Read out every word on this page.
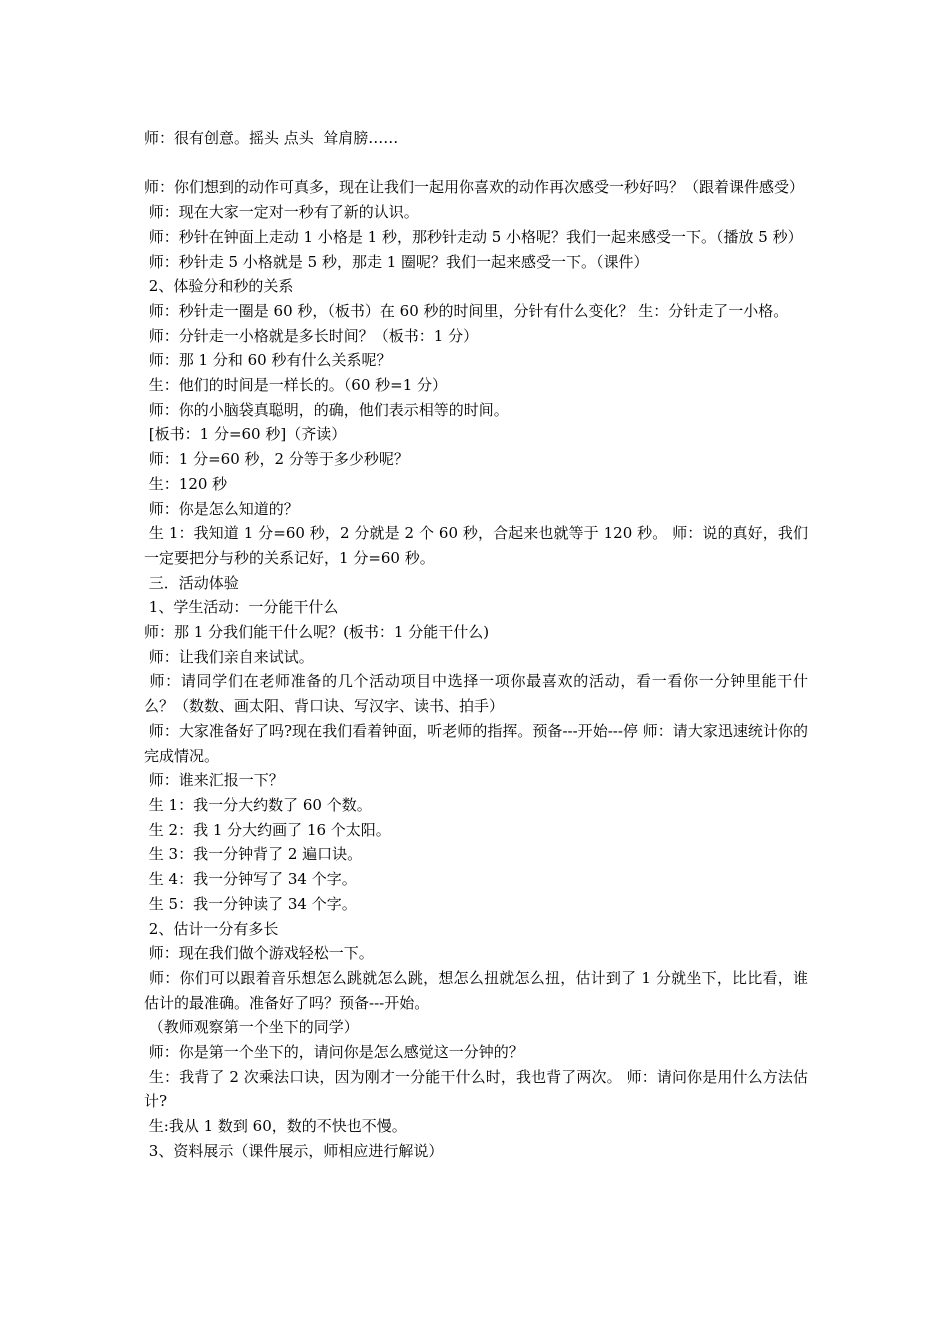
师：很有创意。摇头 点头  耸肩膀……

师：你们想到的动作可真多，现在让我们一起用你喜欢的动作再次感受一秒好吗？（跟着课件感受）

师：现在大家一定对一秒有了新的认识。

师：秒针在钟面上走动 1 小格是 1 秒，那秒针走动 5 小格呢？我们一起来感受一下。（播放 5 秒）

师：秒针走 5 小格就是 5 秒，那走 1 圈呢？我们一起来感受一下。（课件）

2、体验分和秒的关系

师：秒针走一圈是 60 秒，（板书）在 60 秒的时间里，分针有什么变化？ 生：分针走了一小格。

师：分针走一小格就是多长时间？（板书：1 分）

师：那 1 分和 60 秒有什么关系呢？

生：他们的时间是一样长的。（60 秒=1 分）

师：你的小脑袋真聪明，的确，他们表示相等的时间。

[板书：1 分=60 秒]（齐读）

师：1 分=60 秒，2 分等于多少秒呢？

生：120 秒

师：你是怎么知道的？

生 1：我知道 1 分=60 秒，2 分就是 2 个 60 秒，合起来也就等于 120 秒。 师：说的真好，我们一定要把分与秒的关系记好，1 分=60 秒。

三．活动体验

1、学生活动：一分能干什么

师：那 1 分我们能干什么呢？(板书：1 分能干什么)

师：让我们亲自来试试。

师：请同学们在老师准备的几个活动项目中选择一项你最喜欢的活动，看一看你一分钟里能干什么？（数数、画太阳、背口诀、写汉字、读书、拍手）

师：大家准备好了吗?现在我们看着钟面，听老师的指挥。预备---开始---停 师：请大家迅速统计你的完成情况。

师：谁来汇报一下？

生 1：我一分大约数了 60 个数。

生 2：我 1 分大约画了 16 个太阳。

生 3：我一分钟背了 2 遍口诀。

生 4：我一分钟写了 34 个字。

生 5：我一分钟读了 34 个字。

2、估计一分有多长

师：现在我们做个游戏轻松一下。

师：你们可以跟着音乐想怎么跳就怎么跳，想怎么扭就怎么扭，估计到了 1 分就坐下，比比看，谁估计的最准确。准备好了吗？预备---开始。

（教师观察第一个坐下的同学）

师：你是第一个坐下的，请问你是怎么感觉这一分钟的？

生：我背了 2 次乘法口诀，因为刚才一分能干什么时，我也背了两次。 师：请问你是用什么方法估计?

生:我从 1 数到 60，数的不快也不慢。

3、资料展示（课件展示，师相应进行解说）
